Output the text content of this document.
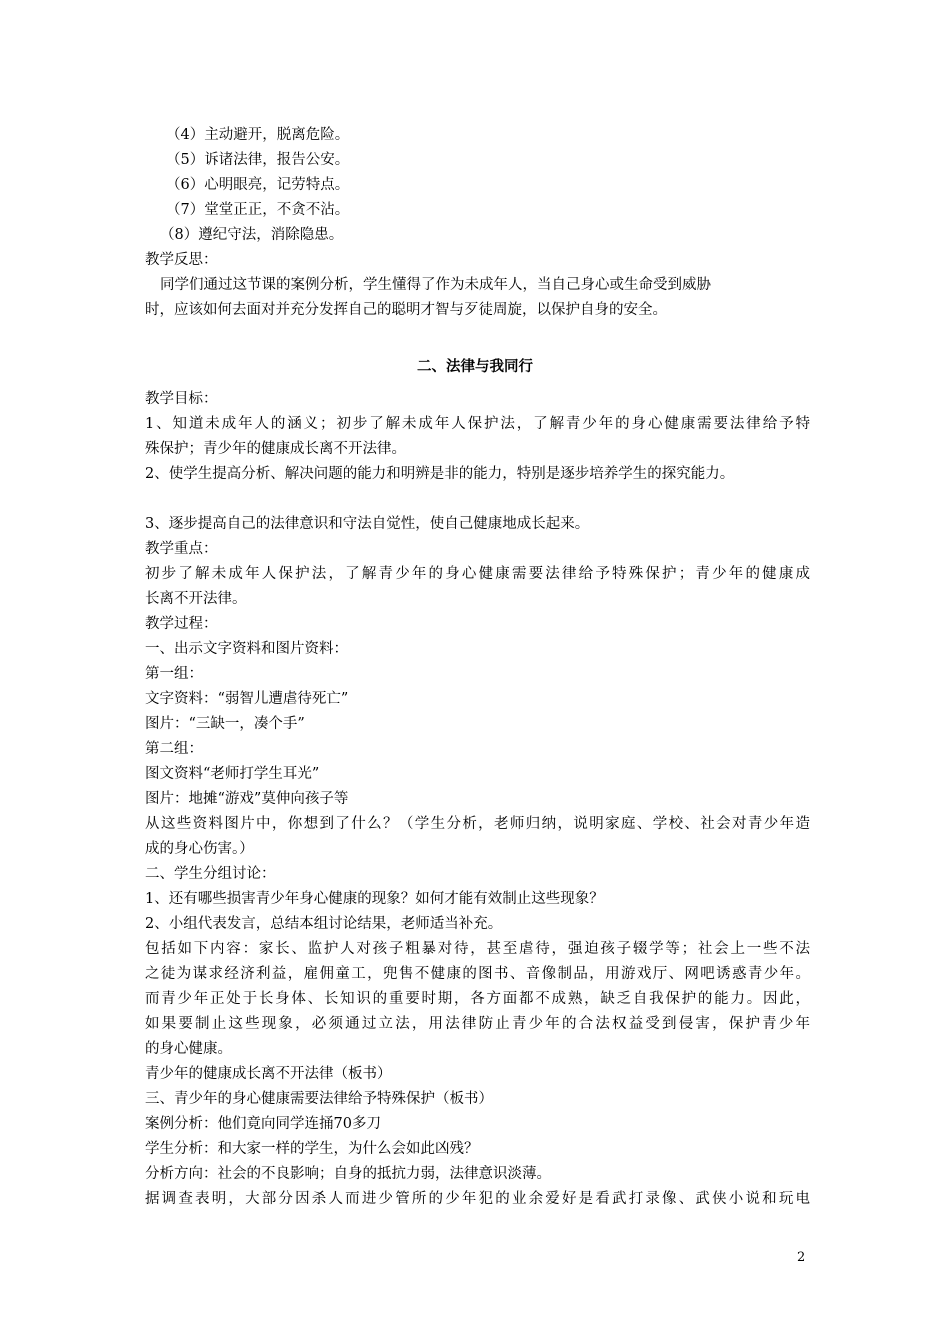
（4）主动避开，脱离危险。
（5）诉诸法律，报告公安。
（6）心明眼亮，记劳特点。
（7）堂堂正正，不贪不沾。
（8）遵纪守法，消除隐患。
教学反思：
同学们通过这节课的案例分析，学生懂得了作为未成年人，当自己身心或生命受到威胁
时，应该如何去面对并充分发挥自己的聪明才智与歹徒周旋，以保护自身的安全。
二、法律与我同行
教学目标：
1、知道未成年人的涵义；初步了解未成年人保护法，了解青少年的身心健康需要法律给予特
殊保护；青少年的健康成长离不开法律。
2、使学生提高分析、解决问题的能力和明辨是非的能力，特别是逐步培养学生的探究能力。
3、逐步提高自己的法律意识和守法自觉性，使自己健康地成长起来。
教学重点：
初步了解未成年人保护法，了解青少年的身心健康需要法律给予特殊保护；青少年的健康成
长离不开法律。
教学过程：
一、出示文字资料和图片资料：
第一组：
文字资料：“弱智儿遭虐待死亡”
图片：“三缺一，凑个手”
第二组：
图文资料“老师打学生耳光”
图片：地摊“游戏”莫伸向孩子等
从这些资料图片中，你想到了什么？（学生分析，老师归纳，说明家庭、学校、社会对青少年造
成的身心伤害。）
二、学生分组讨论：
1、还有哪些损害青少年身心健康的现象？如何才能有效制止这些现象？
2、小组代表发言，总结本组讨论结果，老师适当补充。
包括如下内容：家长、监护人对孩子粗暴对待，甚至虐待，强迫孩子辍学等；社会上一些不法
之徒为谋求经济利益，雇佣童工，兜售不健康的图书、音像制品，用游戏厅、网吧诱惑青少年。
而青少年正处于长身体、长知识的重要时期，各方面都不成熟，缺乏自我保护的能力。因此，
如果要制止这些现象，必须通过立法，用法律防止青少年的合法权益受到侵害，保护青少年
的身心健康。
青少年的健康成长离不开法律（板书）
三、青少年的身心健康需要法律给予特殊保护（板书）
案例分析：他们竟向同学连捅70多刀
学生分析：和大家一样的学生，为什么会如此凶残？
分析方向：社会的不良影响；自身的抵抗力弱，法律意识淡薄。
据调查表明，大部分因杀人而进少管所的少年犯的业余爱好是看武打录像、武侠小说和玩电
2
